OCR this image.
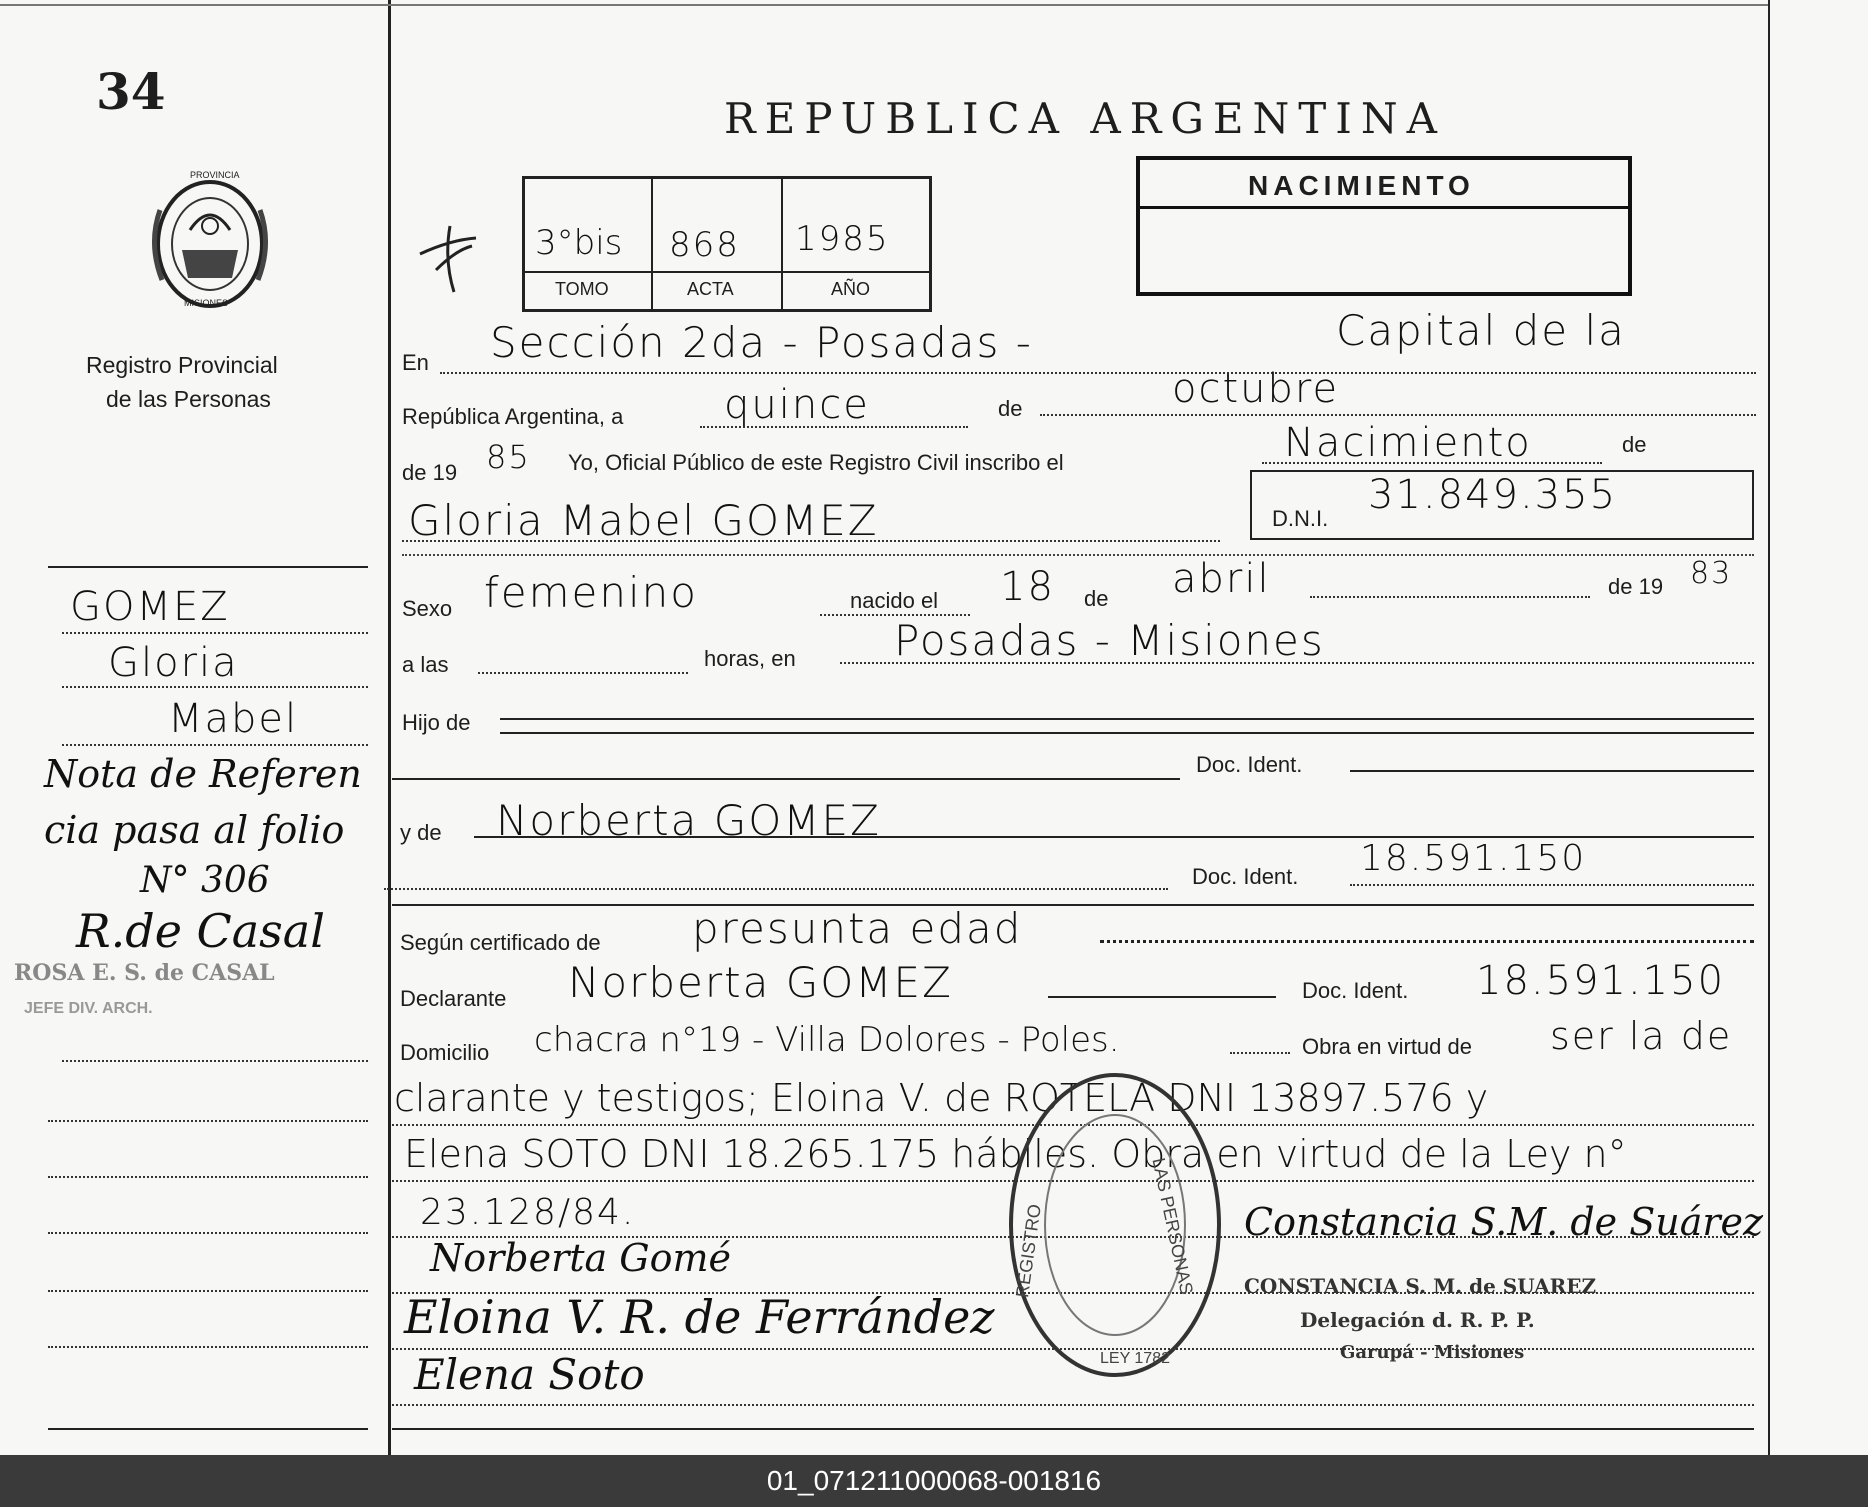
34
PROVINCIA
MISIONES
Registro Provincial
de las Personas
GOMEZ
Gloria
Mabel
Nota de Referen
cia pasa al folio
N° 306
R.de Casal
ROSA E. S. de CASAL
JEFE DIV. ARCH.
REPUBLICA ARGENTINA
3°bis 868 1985
TOMO	ACTA	AÑO
NACIMIENTO
En Sección 2da - Posadas -	Capital de la
República Argentina, a	quince	de	octubre
de 19 85 Yo, Oficial Público de este Registro Civil inscribo el	Nacimiento	de
Gloria Mabel GOMEZ	D.N.I.
31.849.355
Sexo femenino	nacido el 18 de abril	de 19 83
a las	horas, en Posadas - Misiones
Hijo de
Doc. Ident.
y de Norberta GOMEZ
Doc. Ident. 18.591.150
Según certificado de presunta edad
Declarante Norberta GOMEZ	Doc. Ident. 18.591.150
Domicilio chacra n°19 - Villa Dolores - Poles.	Obra en virtud de ser la de
clarante y testigos; Eloina V. de ROTELA DNI 13897.576 y
Elena SOTO DNI 18.265.175 hábiles. Obra en virtud de la Ley n°
23.128/84.
Norberta Gomé
Eloina V. R. de Ferrández
Elena Soto
LAS PERSONAS
REGISTRO
LEY 1782
Constancia S.M. de Suárez
CONSTANCIA S. M. de SUAREZ
Delegación d. R. P. P.
Garupá - Misiones
01_071211000068-001816
